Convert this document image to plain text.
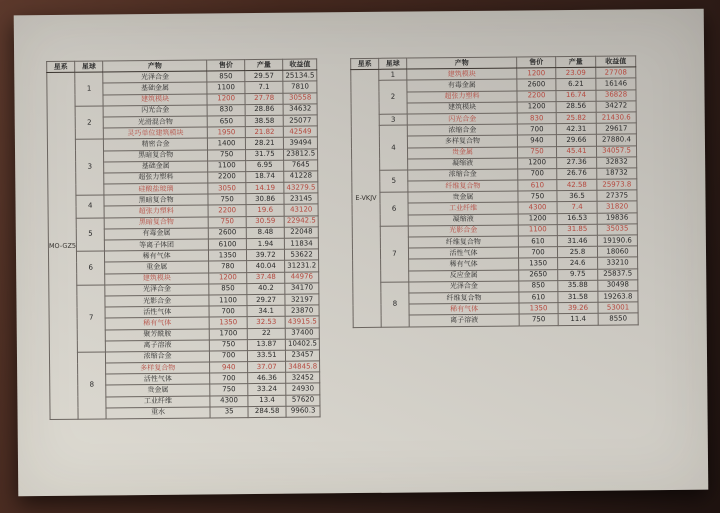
星系	星球	产物	售价	产量	收益值
MO-GZ5	1	光泽合金	850	29.57	25134.5
		基础金属	1100	7.1	7810
		建筑模块	1200	27.78	30558
	2	闪光合金	830	28.86	34632
		光滑混合物	650	38.58	25077
		灵巧单位建筑模块	1950	21.82	42549
	3	精密合金	1400	28.21	39494
		黑暗复合物	750	31.75	23812.5
		基础金属	1100	6.95	7645
		超张力塑料	2200	18.74	41228
		硅酸盐玻璃	3050	14.19	43279.5
	4	黑暗复合物	750	30.86	23145
		超张力塑料	2200	19.6	43120
	5	黑暗复合物	750	30.59	22942.5
		有毒金属	2600	8.48	22048
		等离子体团	6100	1.94	11834
	6	稀有气体	1350	39.72	53622
		重金属	780	40.04	31231.2
		建筑模块	1200	37.48	44976
	7	光泽合金	850	40.2	34170
		光影合金	1100	29.27	32197
		活性气体	700	34.1	23870
		稀有气体	1350	32.53	43915.5
		聚芳酰胺	1700	22	37400
		离子溶液	750	13.87	10402.5
	8	浓缩合金	700	33.51	23457
		多样复合物	940	37.07	34845.8
		活性气体	700	46.36	32452
		贵金属	750	33.24	24930
		工业纤维	4300	13.4	57620
		重水	35	284.58	9960.3
星系	星球	产物	售价	产量	收益值
E-VKJV	1	建筑模块	1200	23.09	27708
	2	有毒金属	2600	6.21	16146
		超张力塑料	2200	16.74	36828
		建筑模块	1200	28.56	34272
	3	闪光合金	830	25.82	21430.6
	4	浓缩合金	700	42.31	29617
		多样复合物	940	29.66	27880.4
		贵金属	750	45.41	34057.5
		凝缩液	1200	27.36	32832
	5	浓缩合金	700	26.76	18732
		纤维复合物	610	42.58	25973.8
	6	贵金属	750	36.5	27375
		工业纤维	4300	7.4	31820
		凝缩液	1200	16.53	19836
	7	光影合金	1100	31.85	35035
		纤维复合物	610	31.46	19190.6
		活性气体	700	25.8	18060
		稀有气体	1350	24.6	33210
		反应金属	2650	9.75	25837.5
	8	光泽合金	850	35.88	30498
		纤维复合物	610	31.58	19263.8
		稀有气体	1350	39.26	53001
		离子溶液	750	11.4	8550
